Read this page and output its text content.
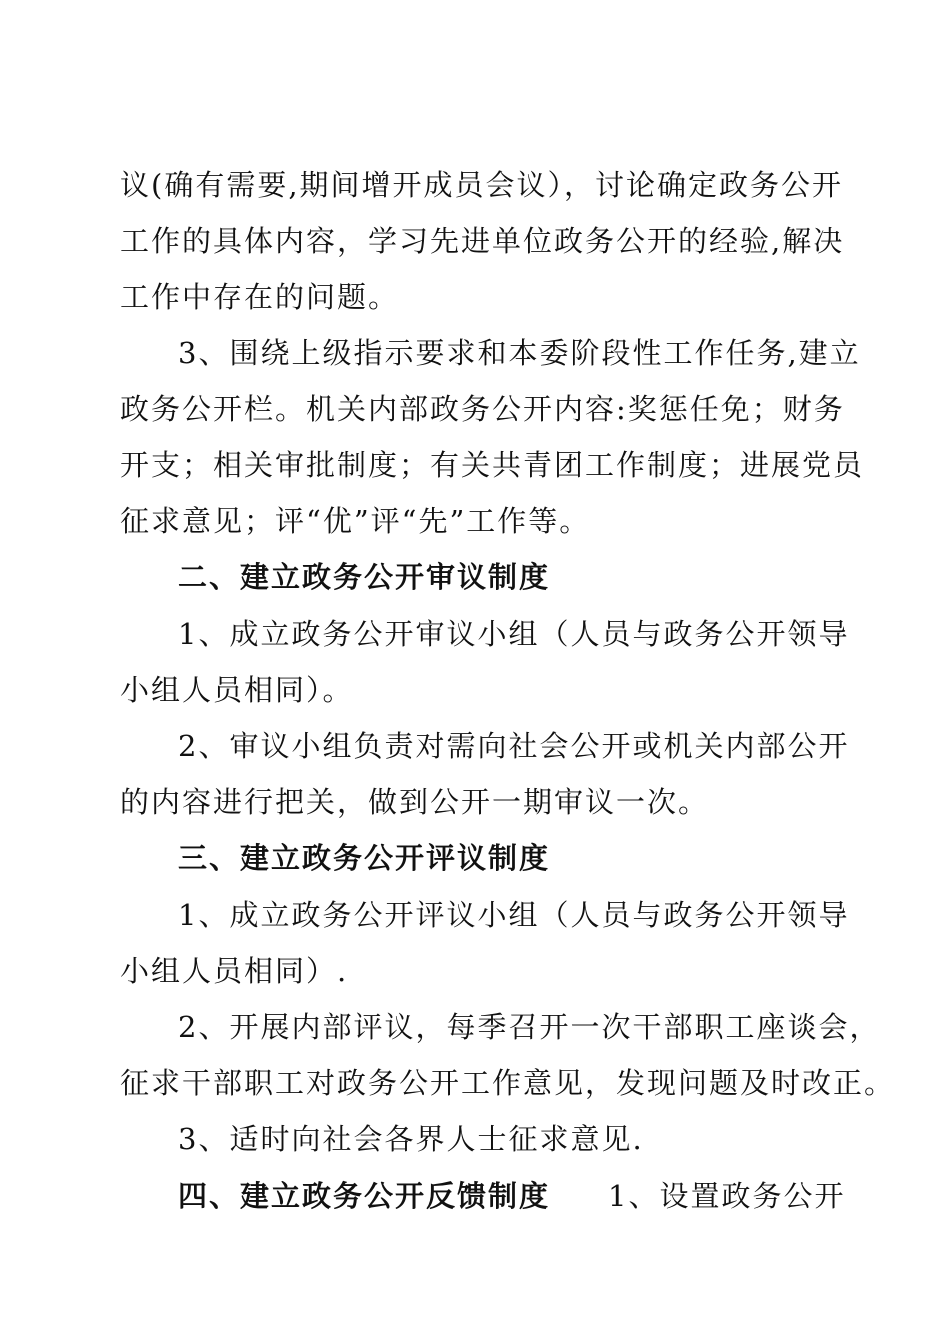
议(确有需要,期间增开成员会议），讨论确定政务公开
工作的具体内容，学习先进单位政务公开的经验,解决
工作中存在的问题。
3、围绕上级指示要求和本委阶段性工作任务,建立
政务公开栏。机关内部政务公开内容:奖惩任免；财务
开支；相关审批制度；有关共青团工作制度；进展党员
征求意见；评“优”评“先”工作等。
二、建立政务公开审议制度
1、成立政务公开审议小组（人员与政务公开领导
小组人员相同）。
2、审议小组负责对需向社会公开或机关内部公开
的内容进行把关，做到公开一期审议一次。
三、建立政务公开评议制度
1、成立政务公开评议小组（人员与政务公开领导
小组人员相同）.
2、开展内部评议，每季召开一次干部职工座谈会，
征求干部职工对政务公开工作意见，发现问题及时改正。
3、适时向社会各界人士征求意见.
四、建立政务公开反馈制度 1、设置政务公开
